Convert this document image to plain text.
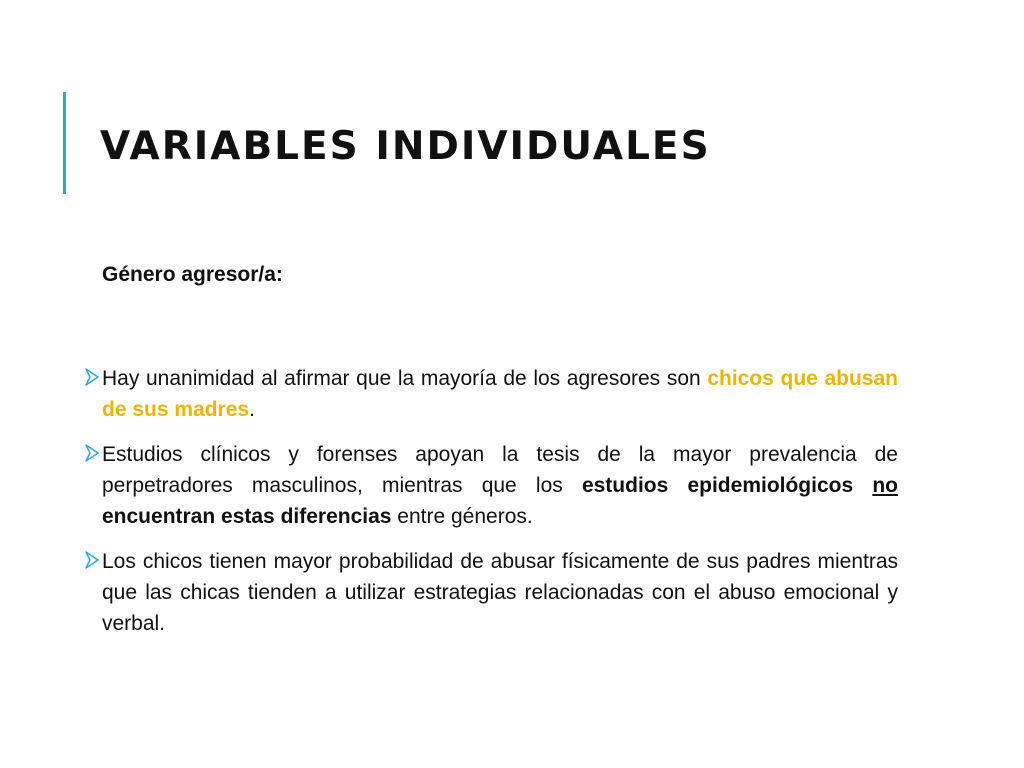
VARIABLES INDIVIDUALES
Género agresor/a:
Hay unanimidad al afirmar que la mayoría de los agresores son chicos que abusan de sus madres.
Estudios clínicos y forenses apoyan la tesis de la mayor prevalencia de perpetradores masculinos, mientras que los estudios epidemiológicos no encuentran estas diferencias entre géneros.
Los chicos tienen mayor probabilidad de abusar físicamente de sus padres mientras que las chicas tienden a utilizar estrategias relacionadas con el abuso emocional y verbal.
